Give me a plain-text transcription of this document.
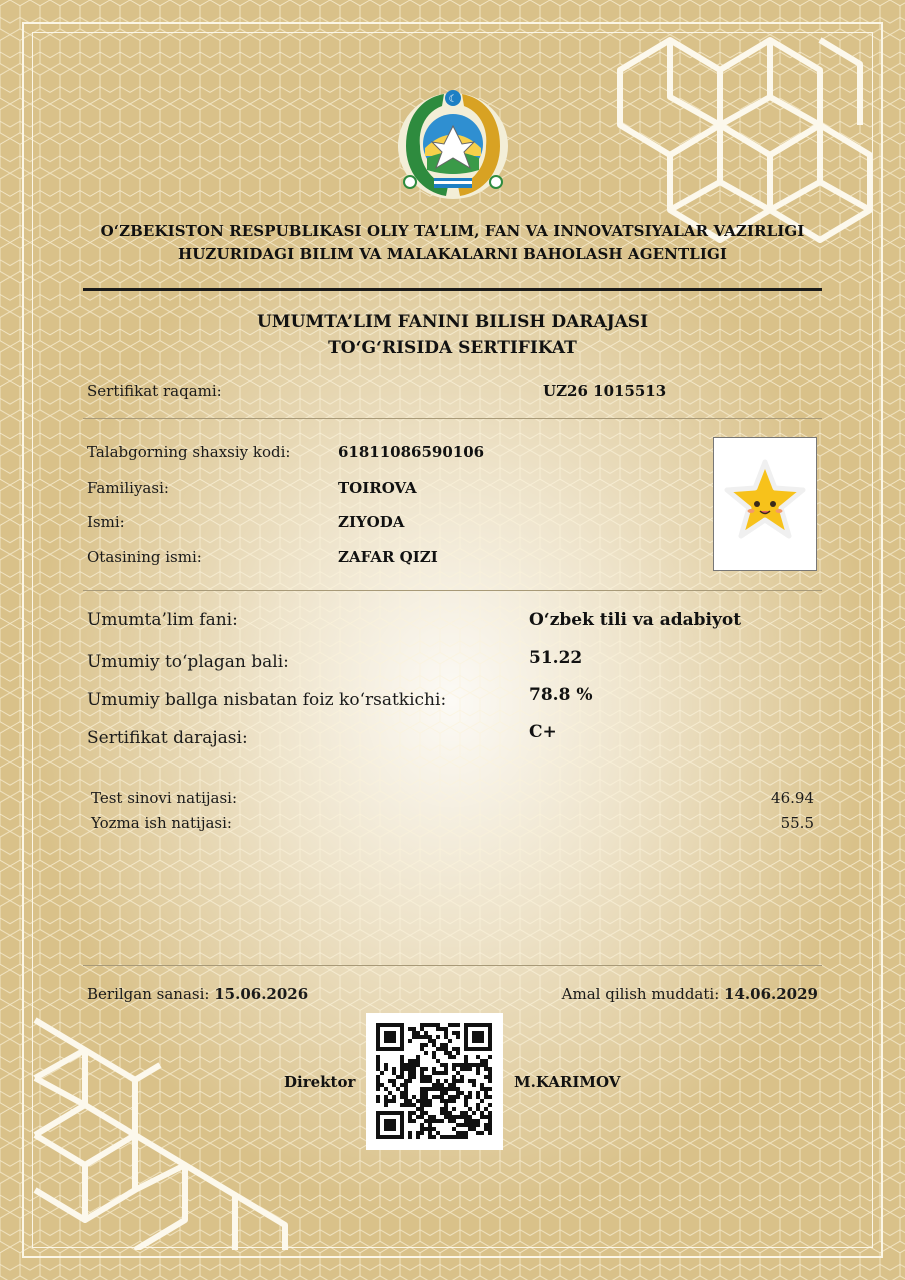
☾
O‘ZBEKISTON RESPUBLIKASI OLIY TA’LIM, FAN VA INNOVATSIYALAR VAZIRLIGI
HUZURIDAGI BILIM VA MALAKALARNI BAHOLASH AGENTLIGI
UMUMTA’LIM FANINI BILISH DARAJASI
TO‘G‘RISIDA SERTIFIKAT
Sertifikat raqami:	UZ26 1015513
Talabgorning shaxsiy kodi:	61811086590106
Familiyasi:	TOIROVA
Ismi:	ZIYODA
Otasining ismi:	ZAFAR QIZI
Umumta’lim fani:	O‘zbek tili va adabiyot
Umumiy to‘plagan bali:	51.22
Umumiy ballga nisbatan foiz ko‘rsatkichi:	78.8 %
Sertifikat darajasi:	C+
Test sinovi natijasi:	46.94
Yozma ish natijasi:	55.5
Berilgan sanasi: 15.06.2026	Amal qilish muddati: 14.06.2029
Direktor	M.KARIMOV
